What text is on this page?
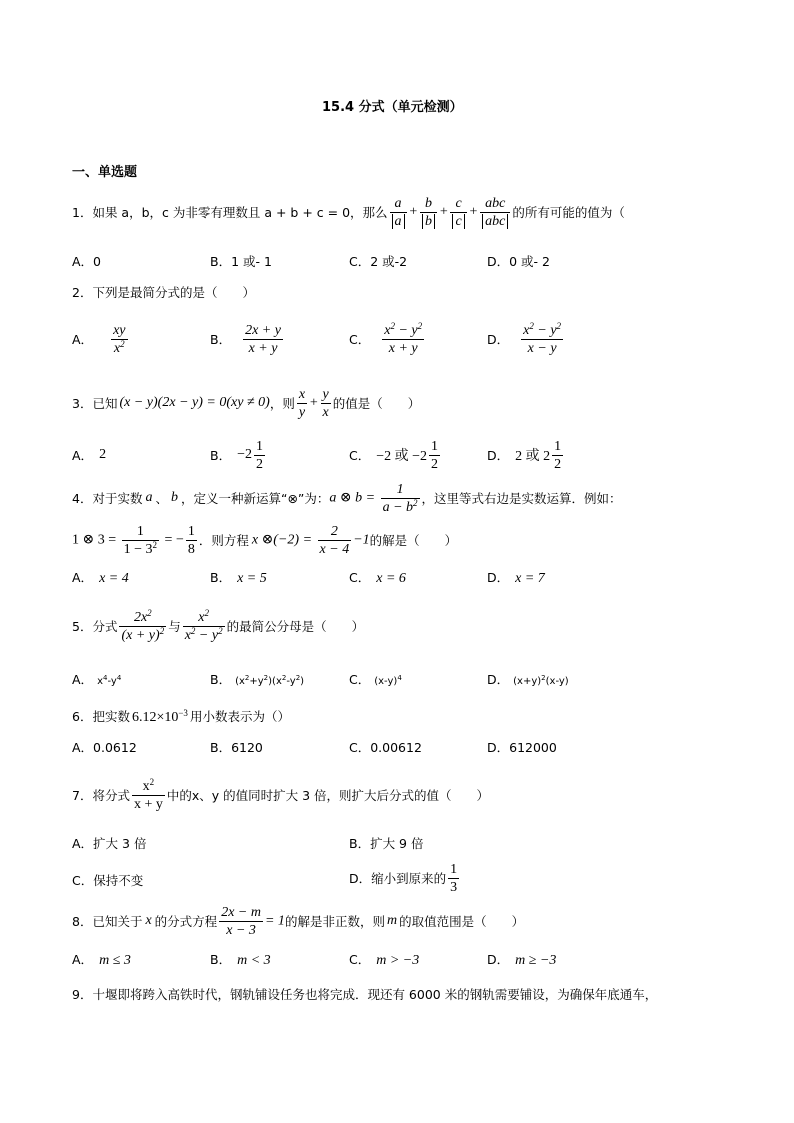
15.4 分式（单元检测）
一、单选题
1．如果 a，b，c 为非零有理数且 a + b + c = 0，那么 $\frac{a}{a} + \frac{b}{b} + \frac{c}{c} + \frac{\text{abc}}{\text{abc}}$ 的所有可能的值为（
A．0	B．1 或- 1	C．2 或-2	D．0 或- 2
2．下列是最简分式的是（　　）
A． $\frac{xy}{x^2}$	B． $\frac{2x + y}{x + y}$	C． $\frac{x^2 - y^2}{x + y}$	D． $\frac{x^2 - y^2}{x - y}$
3．已知 (x − y)(2x − y) = 0(xy ≠ 0) ，则 $\frac{x}{y} + \frac{y}{x}$ 的值是（　　）
A． 2	B． $-2 \frac{1}{2}$	C． −2 或 $-2 \frac{1}{2}$	D． 2 或 $2 \frac{1}{2}$
4．对于实数 a 、 b ，定义一种新运算“⊗”为： a ⊗ $b = \frac{1}{a - b^2}$ ，这里等式右边是实数运算．例如：
1 ⊗ $3 = \frac{1}{1 - 3^2}$ = − $\frac{1}{8}$ ．则方程 x ⊗(−2) = $\frac{2}{x - 4} -1$ 的解是（　　）
A． x = 4	B． x = 5	C． x = 6	D． x = 7
5．分式 $\frac{2x^2}{(x + y)^2}$ 与 $\frac{x^2}{x^2 - y^2}$ 的最简公分母是（　　）
A． $x^4-y^4$	B． $(x^2+y^2)(x^2-y^2)$	C． $(x-y)^4$	D． $(x+y)^2(x-y)$
6．把实数 $6.12\times 10^{-3}$ 用小数表示为（）
A．0.0612	B．6120	C．0.00612	D．612000
7．将分式 $\frac{x^2}{x + y}$ 中的x、y 的值同时扩大 3 倍，则扩大后分式的值（　　）
A．扩大 3 倍	B．扩大 9 倍
C．保持不变	D．缩小到原来的 $\frac{1}{3}$
8．已知关于 x 的分式方程 $\frac{2x - m}{x - 3} = 1$ 的解是非正数，则 m 的取值范围是（　　）
A． m ≤ 3	B． m < 3	C． m > −3	D． m ≥ −3
9．十堰即将跨入高铁时代，钢轨铺设任务也将完成．现还有 6000 米的钢轨需要铺设，为确保年底通车，
